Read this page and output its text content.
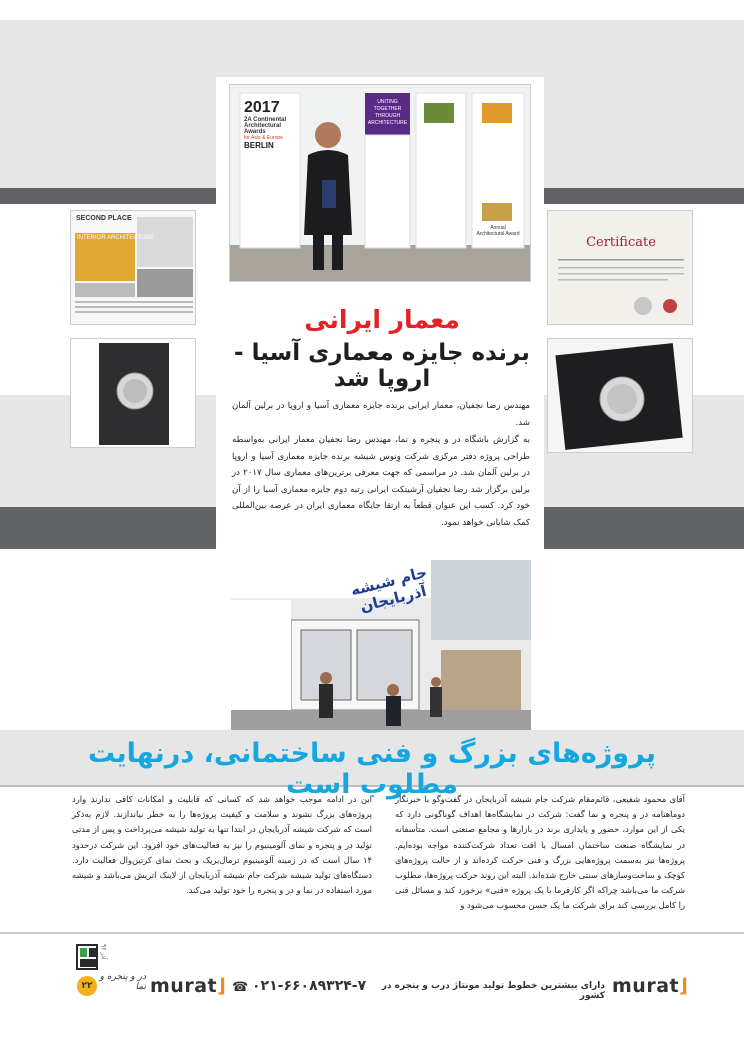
2017
2A Continental
Architectural
Awards
for Asia & Europe
BERLIN
UNITING TOGETHER THROUGH ARCHITECTURE
Annual Architectural Award
SECOND PLACE
INTERIOR ARCHITECTURE	Certificate
معمار ایرانی
برنده جایزه معماری آسیا - اروپا شد
مهندس رضا نجفیان، معمار ایرانی برنده جایزه معماری آسیا و اروپا در برلین آلمان شد.
به گزارش باشگاه در و پنجره و نما، مهندس رضا نجفیان معمار ایرانی به‌واسطه طراحی پروژه دفتر مرکزی شرکت وِنوس شیشه برنده جایزه معماری آسیا و اروپا در برلین آلمان شد. در مراسمی که جهت معرفی برترین‌های معماری سال ۲۰۱۷ در برلین برگزار شد رضا نجفیان آرشیتکت ایرانی رتبه دوم جایزه معماری آسیا را از آن خود کرد. کسب این عنوان قطعاً به ارتقا جایگاه معماری ایران در عرصه بین‌المللی کمک شایانی خواهد نمود.
جام شیشه آذربایجان
پروژه‌های بزرگ و فنی ساختمانی، درنهایت مطلوب است
آقای محمود شفیعی، قائم‌مقام شرکت جام شیشه آذربایجان در گفت‌وگو با خبرنگار دوماهنامه در و پنجره و نما گفت: شرکت در نمایشگاه‌ها اهداف گوناگونی دارد که یکی از این موارد، حضور و پایداری برند در بازارها و مجامع صنعتی است. متأسفانه در نمایشگاه صنعت ساختمان امسال با افت تعداد شرکت‌کننده مواجه بوده‌ایم. پروژه‌ها نیز به‌سمت پروژه‌هایی بزرگ و فنی حرکت کرده‌اند و از حالت پروژه‌های کوچک و ساخت‌وسازهای سنتی خارج شده‌اند. البته این روند حرکت پروژه‌ها، مطلوب شرکت ما می‌باشد چراکه اگر کارفرما با یک پروژه «فنی» برخورد کند و مسائل فنی را کامل بررسی کند برای شرکت ما یک حسن محسوب می‌شود و
این در ادامه موجب خواهد شد که کسانی که قابلیت و امکانات کافی ندارند وارد پروژه‌های بزرگ نشوند و سلامت و کیفیت پروژه‌ها را به خطر نیاندازند. لازم به‌ذکر است که شرکت شیشه آذربایجان در ابتدا تنها به تولید شیشه می‌پرداخت و پس از مدتی تولید در و پنجره و نمای آلومینیوم را نیز به فعالیت‌های خود افزود. این شرکت درحدود ۱۴ سال است که در زمینه آلومینیوم ترمال‌بریک و بحث نمای کرتین‌وال فعالیت دارد. دستگاه‌های تولید شیشه شرکت جام شیشه آذربایجان از لاینک اتریش می‌باشد و شیشه مورد استفاده در نما و در و پنجره را خود تولید می‌کند.
murat⌋
دارای بیشترین خطوط تولید مونتاژ درب و پنجره در کشور
☎ ۰۲۱-۶۶۰۸۹۳۲۴-۷
murat⌋
آذر ۹۶
در و پنجره و نما
۲۲
